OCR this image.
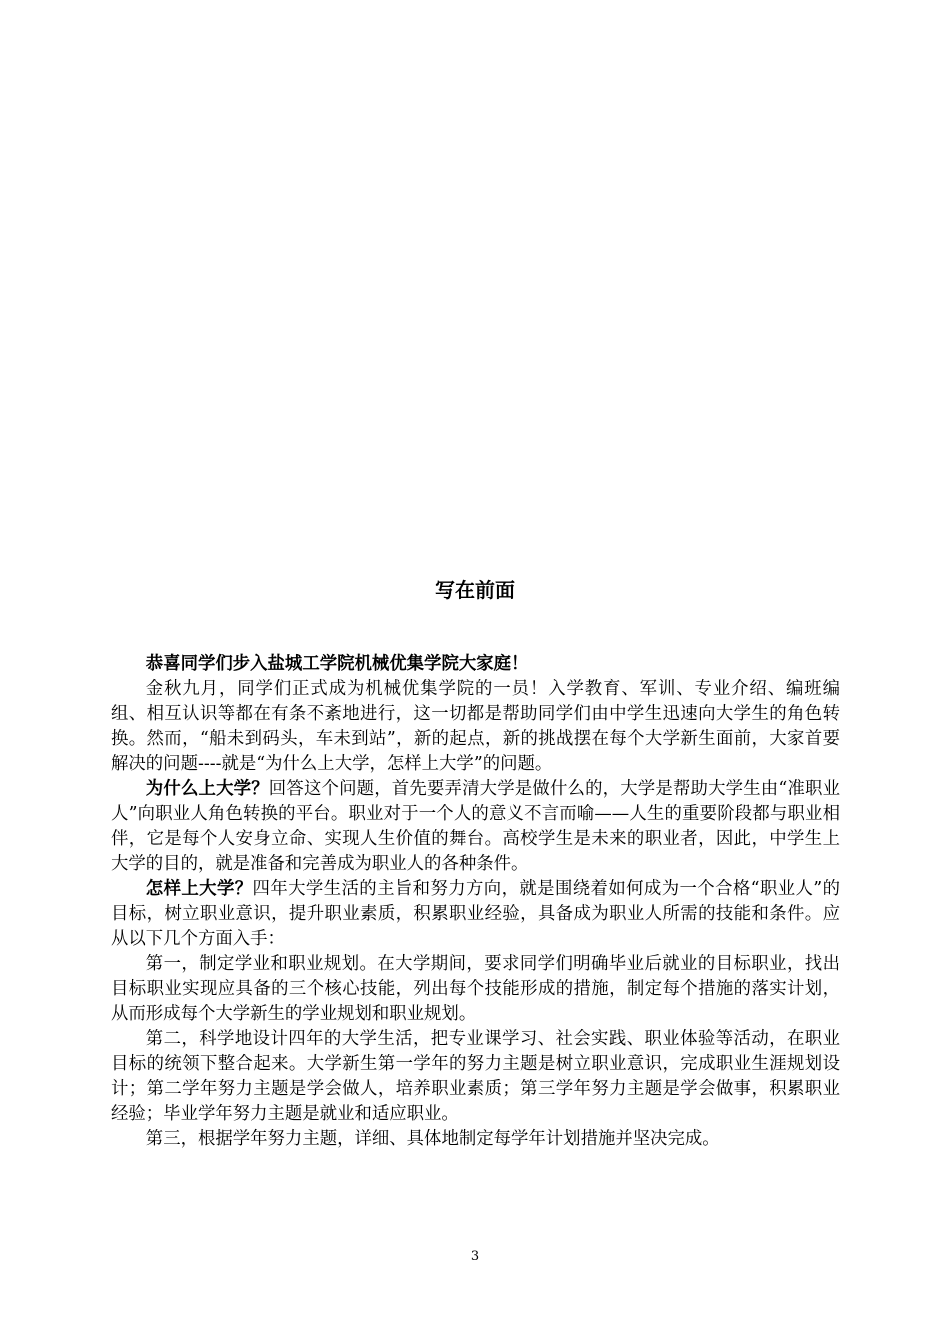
写在前面

恭喜同学们步入盐城工学院机械优集学院大家庭！

金秋九月，同学们正式成为机械优集学院的一员！入学教育、军训、专业介绍、编班编组、相互认识等都在有条不紊地进行，这一切都是帮助同学们由中学生迅速向大学生的角色转换。然而，“船未到码头，车未到站”，新的起点，新的挑战摆在每个大学新生面前，大家首要解决的问题----就是“为什么上大学，怎样上大学”的问题。

为什么上大学？回答这个问题，首先要弄清大学是做什么的，大学是帮助大学生由“准职业人”向职业人角色转换的平台。职业对于一个人的意义不言而喻——人生的重要阶段都与职业相伴，它是每个人安身立命、实现人生价值的舞台。高校学生是未来的职业者，因此，中学生上大学的目的，就是准备和完善成为职业人的各种条件。

怎样上大学？四年大学生活的主旨和努力方向，就是围绕着如何成为一个合格“职业人”的目标，树立职业意识，提升职业素质，积累职业经验，具备成为职业人所需的技能和条件。应从以下几个方面入手：

第一，制定学业和职业规划。在大学期间，要求同学们明确毕业后就业的目标职业，找出目标职业实现应具备的三个核心技能，列出每个技能形成的措施，制定每个措施的落实计划，从而形成每个大学新生的学业规划和职业规划。

第二，科学地设计四年的大学生活，把专业课学习、社会实践、职业体验等活动，在职业目标的统领下整合起来。大学新生第一学年的努力主题是树立职业意识，完成职业生涯规划设计；第二学年努力主题是学会做人，培养职业素质；第三学年努力主题是学会做事，积累职业经验；毕业学年努力主题是就业和适应职业。

第三，根据学年努力主题，详细、具体地制定每学年计划措施并坚决完成。

3
